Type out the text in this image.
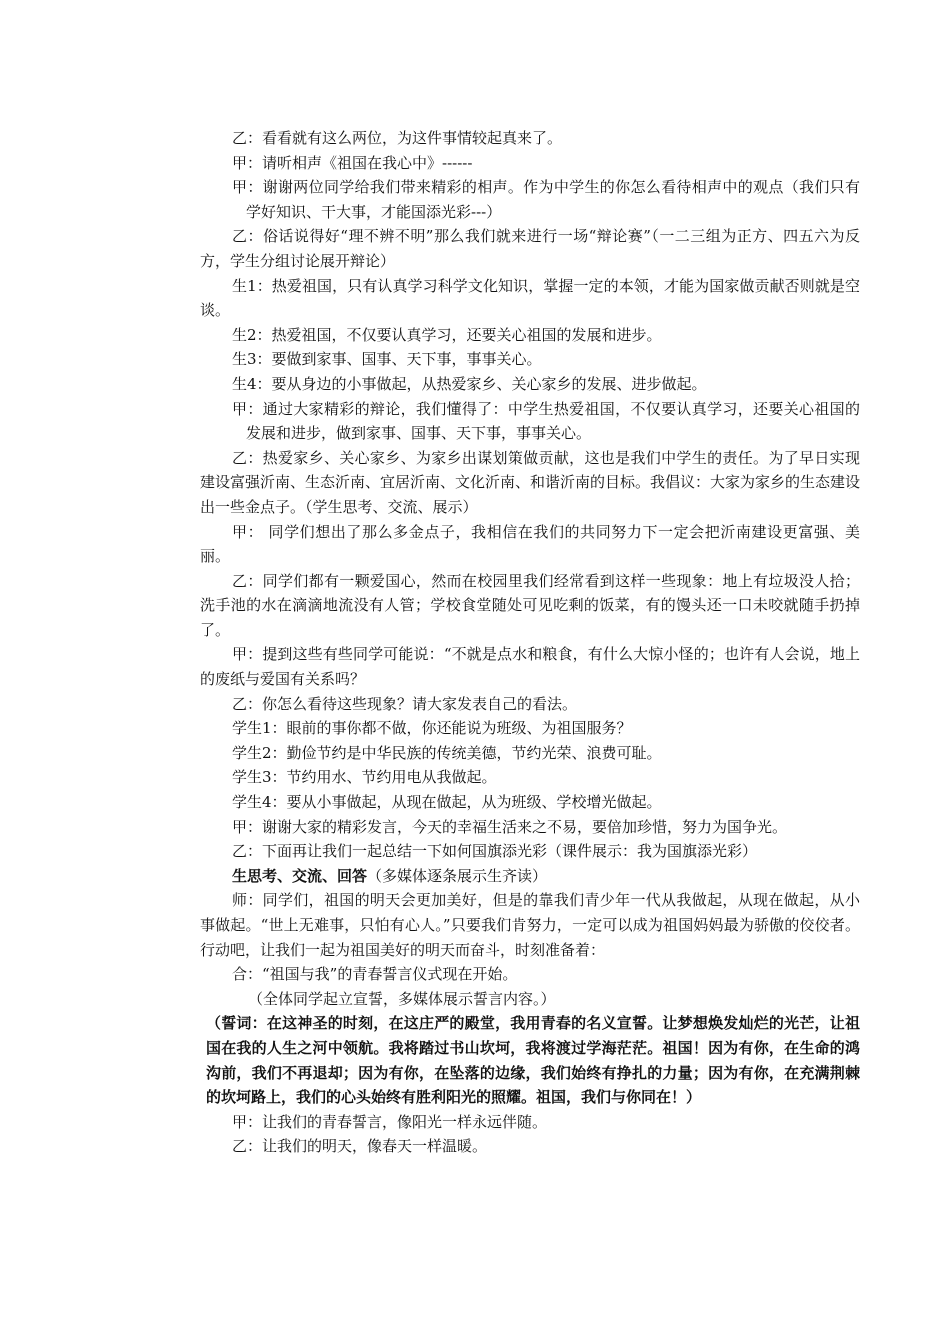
乙：看看就有这么两位，为这件事情较起真来了。

甲：请听相声《祖国在我心中》------

甲：谢谢两位同学给我们带来精彩的相声。作为中学生的你怎么看待相声中的观点（我们只有学好知识、干大事，才能国添光彩---）

乙：俗话说得好“理不辨不明”那么我们就来进行一场“辩论赛”（一二三组为正方、四五六为反方，学生分组讨论展开辩论）

生1：热爱祖国，只有认真学习科学文化知识，掌握一定的本领，才能为国家做贡献否则就是空谈。

生2：热爱祖国，不仅要认真学习，还要关心祖国的发展和进步。

生3：要做到家事、国事、天下事，事事关心。

生4：要从身边的小事做起，从热爱家乡、关心家乡的发展、进步做起。

甲：通过大家精彩的辩论，我们懂得了：中学生热爱祖国，不仅要认真学习，还要关心祖国的发展和进步，做到家事、国事、天下事，事事关心。

乙：热爱家乡、关心家乡、为家乡出谋划策做贡献，这也是我们中学生的责任。为了早日实现建设富强沂南、生态沂南、宜居沂南、文化沂南、和谐沂南的目标。我倡议：大家为家乡的生态建设出一些金点子。（学生思考、交流、展示）

甲： 同学们想出了那么多金点子，我相信在我们的共同努力下一定会把沂南建设更富强、美丽。

乙：同学们都有一颗爱国心，然而在校园里我们经常看到这样一些现象：地上有垃圾没人拾；洗手池的水在滴滴地流没有人管；学校食堂随处可见吃剩的饭菜，有的馒头还一口未咬就随手扔掉了。

甲：提到这些有些同学可能说：“不就是点水和粮食，有什么大惊小怪的；也许有人会说，地上的废纸与爱国有关系吗？

乙：你怎么看待这些现象？请大家发表自己的看法。

学生1：眼前的事你都不做，你还能说为班级、为祖国服务？

学生2：勤俭节约是中华民族的传统美德，节约光荣、浪费可耻。

学生3：节约用水、节约用电从我做起。

学生4：要从小事做起，从现在做起，从为班级、学校增光做起。

甲：谢谢大家的精彩发言，今天的幸福生活来之不易，要倍加珍惜，努力为国争光。

乙：下面再让我们一起总结一下如何国旗添光彩（课件展示：我为国旗添光彩）

生思考、交流、回答（多媒体逐条展示生齐读）

师：同学们，祖国的明天会更加美好，但是的靠我们青少年一代从我做起，从现在做起，从小事做起。“世上无难事，只怕有心人。”只要我们肯努力，一定可以成为祖国妈妈最为骄傲的佼佼者。行动吧，让我们一起为祖国美好的明天而奋斗，时刻准备着：

合：“祖国与我”的青春誓言仪式现在开始。

（全体同学起立宣誓，多媒体展示誓言内容。）

（誓词：在这神圣的时刻，在这庄严的殿堂，我用青春的名义宣誓。让梦想焕发灿烂的光芒，让祖国在我的人生之河中领航。我将踏过书山坎坷，我将渡过学海茫茫。祖国！因为有你，在生命的鸿沟前，我们不再退却；因为有你，在坠落的边缘，我们始终有挣扎的力量；因为有你，在充满荆棘的坎坷路上，我们的心头始终有胜利阳光的照耀。祖国，我们与你同在！）

甲：让我们的青春誓言，像阳光一样永远伴随。

乙：让我们的明天，像春天一样温暖。
